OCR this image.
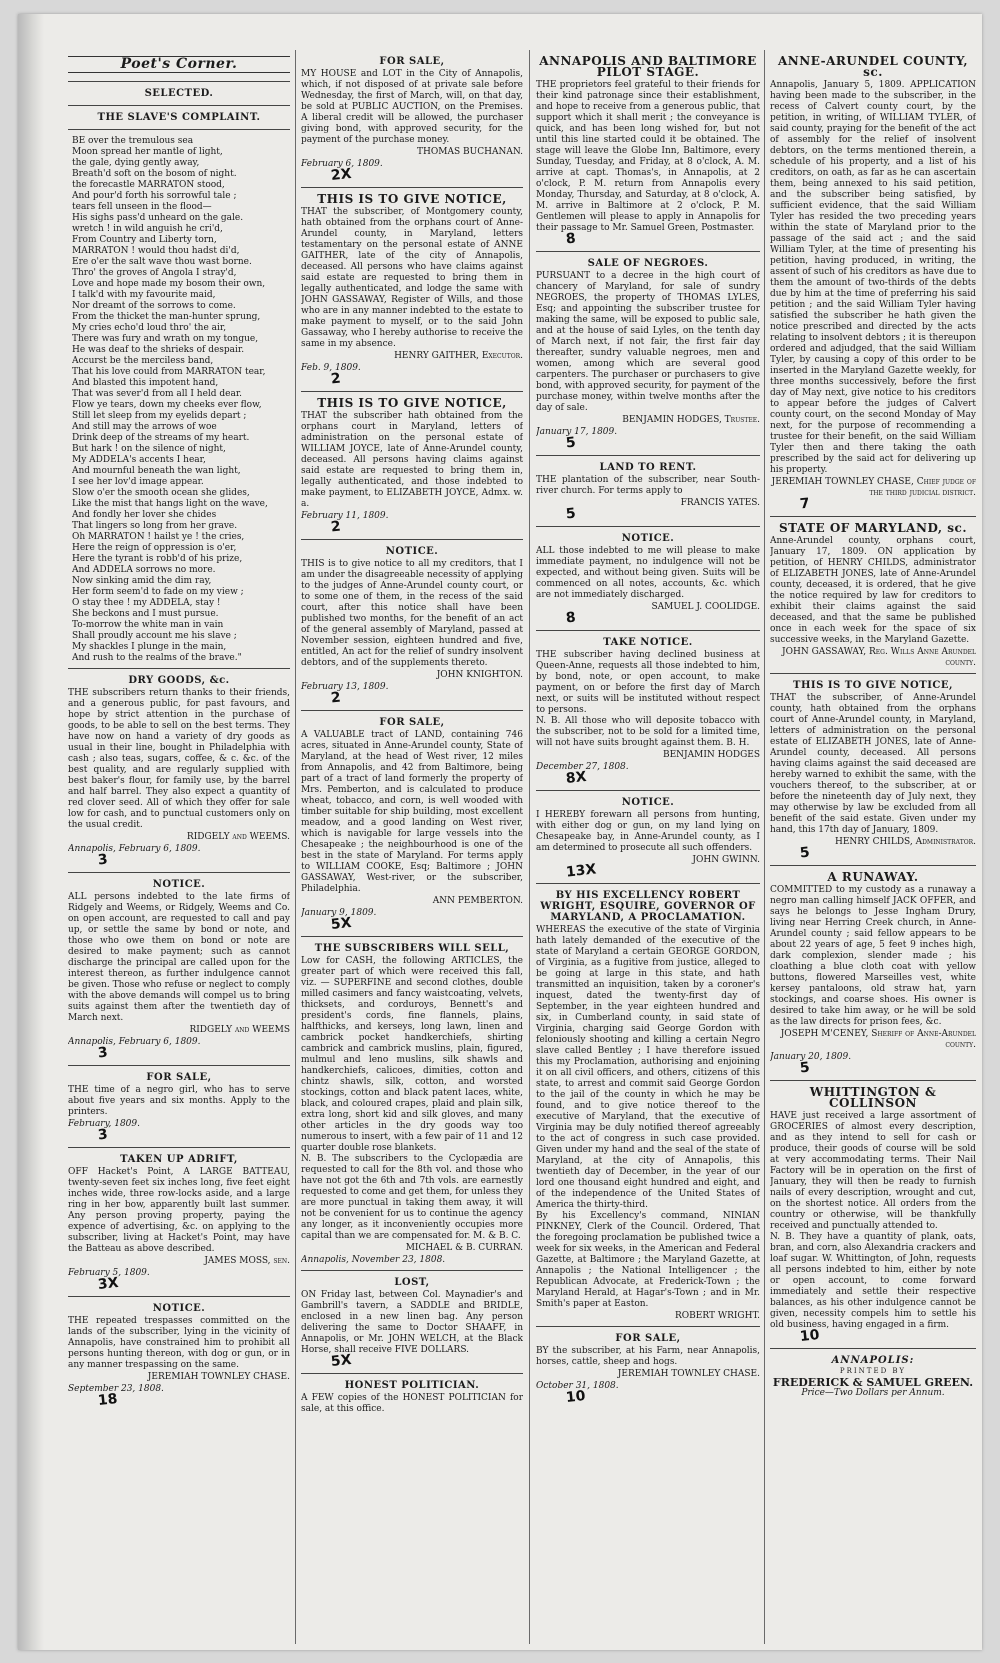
Poet's Corner.
SELECTED.
THE SLAVE'S COMPLAINT.
BE over the tremulous sea
Moon spread her mantle of light,
the gale, dying gently away,
Breath'd soft on the bosom of night.
the forecastle MARRATON stood,
And pour'd forth his sorrowful tale ;
tears fell unseen in the flood—
His sighs pass'd unheard on the gale.
wretch ! in wild anguish he cri'd,
From Country and Liberty torn,
MARRATON ! would thou hadst di'd,
Ere o'er the salt wave thou wast borne.
Thro' the groves of Angola I stray'd,
Love and hope made my bosom their own,
I talk'd with my favourite maid,
Nor dreamt of the sorrows to come.
From the thicket the man-hunter sprung,
My cries echo'd loud thro' the air,
There was fury and wrath on my tongue,
He was deaf to the shrieks of despair.
Accurst be the merciless band,
That his love could from MARRATON tear,
And blasted this impotent hand,
That was sever'd from all I held dear.
Flow ye tears, down my cheeks ever flow,
Still let sleep from my eyelids depart ;
And still may the arrows of woe
Drink deep of the streams of my heart.
But hark ! on the silence of night,
My ADDELA's accents I hear,
And mournful beneath the wan light,
I see her lov'd image appear.
Slow o'er the smooth ocean she glides,
Like the mist that hangs light on the wave,
And fondly her lover she chides
That lingers so long from her grave.
Oh MARRATON ! hailst ye ! the cries,
Here the reign of oppression is o'er,
Here the tyrant is robb'd of his prize,
And ADDELA sorrows no more.
Now sinking amid the dim ray,
Her form seem'd to fade on my view ;
O stay thee ! my ADDELA, stay !
She beckons and I must pursue.
To-morrow the white man in vain
Shall proudly account me his slave ;
My shackles I plunge in the main,
And rush to the realms of the brave."
DRY GOODS, &c.

THE subscribers return thanks to their friends, and a generous public, for past favours, and hope by strict attention in the purchase of goods, to be able to sell on the best terms. They have now on hand a variety of dry goods as usual in their line, bought in Philadelphia with cash ; also teas, sugars, coffee, & c. &c. of the best quality, and are regularly supplied with best baker's flour, for family use, by the barrel and half barrel. They also expect a quantity of red clover seed. All of which they offer for sale low for cash, and to punctual customers only on the usual credit.

RIDGELY and WEEMS.
Annapolis, February 6, 1809.
3
NOTICE.

ALL persons indebted to the late firms of Ridgely and Weems, or Ridgely, Weems and Co. on open account, are requested to call and pay up, or settle the same by bond or note, and those who owe them on bond or note are desired to make payment; such as cannot discharge the principal are called upon for the interest thereon, as further indulgence cannot be given. Those who refuse or neglect to comply with the above demands will compel us to bring suits against them after the twentieth day of March next.

RIDGELY and WEEMS
Annapolis, February 6, 1809.
3
FOR SALE,

THE time of a negro girl, who has to serve about five years and six months. Apply to the printers.

February, 1809.
3
TAKEN UP ADRIFT,

OFF Hacket's Point, A LARGE BATTEAU, twenty-seven feet six inches long, five feet eight inches wide, three row-locks aside, and a large ring in her bow, apparently built last summer. Any person proving property, paying the expence of advertising, &c. on applying to the subscriber, living at Hacket's Point, may have the Batteau as above described.

JAMES MOSS, sen.
February 5, 1809.
3X
NOTICE.

THE repeated trespasses committed on the lands of the subscriber, lying in the vicinity of Annapolis, have constrained him to prohibit all persons hunting thereon, with dog or gun, or in any manner trespassing on the same.

JEREMIAH TOWNLEY CHASE.
September 23, 1808.
18
FOR SALE,

MY HOUSE and LOT in the City of Annapolis, which, if not disposed of at private sale before Wednesday, the first of March, will, on that day, be sold at PUBLIC AUCTION, on the Premises. A liberal credit will be allowed, the purchaser giving bond, with approved security, for the payment of the purchase money.

THOMAS BUCHANAN.
February 6, 1809.
2X
THIS IS TO GIVE NOTICE,

THAT the subscriber, of Montgomery county, hath obtained from the orphans court of Anne-Arundel county, in Maryland, letters testamentary on the personal estate of ANNE GAITHER, late of the city of Annapolis, deceased. All persons who have claims against said estate are requested to bring them in legally authenticated, and lodge the same with JOHN GASSAWAY, Register of Wills, and those who are in any manner indebted to the estate to make payment to myself, or to the said John Gassaway, who I hereby authorise to receive the same in my absence.

HENRY GAITHER, Executor.
Feb. 9, 1809.
2
THIS IS TO GIVE NOTICE,

THAT the subscriber hath obtained from the orphans court in Maryland, letters of administration on the personal estate of WILLIAM JOYCE, late of Anne-Arundel county, deceased. All persons having claims against said estate are requested to bring them in, legally authenticated, and those indebted to make payment, to ELIZABETH JOYCE, Admx. w. a.

February 11, 1809.
2
NOTICE.

THIS is to give notice to all my creditors, that I am under the disagreeable necessity of applying to the judges of Anne-Arundel county court, or to some one of them, in the recess of the said court, after this notice shall have been published two months, for the benefit of an act of the general assembly of Maryland, passed at November session, eighteen hundred and five, entitled, An act for the relief of sundry insolvent debtors, and of the supplements thereto.

JOHN KNIGHTON.
February 13, 1809.
2
FOR SALE,

A VALUABLE tract of LAND, containing 746 acres, situated in Anne-Arundel county, State of Maryland, at the head of West river, 12 miles from Annapolis, and 42 from Baltimore, being part of a tract of land formerly the property of Mrs. Pemberton, and is calculated to produce wheat, tobacco, and corn, is well wooded with timber suitable for ship building, most excellent meadow, and a good landing on West river, which is navigable for large vessels into the Chesapeake ; the neighbourhood is one of the best in the state of Maryland. For terms apply to WILLIAM COOKE, Esq; Baltimore ; JOHN GASSAWAY, West-river, or the subscriber, Philadelphia.

ANN PEMBERTON.
January 9, 1809.
5X
THE SUBSCRIBERS WILL SELL,

Low for CASH, the following ARTICLES, the greater part of which were received this fall, viz. — SUPERFINE and second clothes, double milled casimers and fancy waistcoating, velvets, thicksets, and corduroys, Bennett's and president's cords, fine flannels, plains, halfthicks, and kerseys, long lawn, linen and cambrick pocket handkerchiefs, shirting cambrick and cambrick muslins, plain, figured, mulmul and leno muslins, silk shawls and handkerchiefs, calicoes, dimities, cotton and chintz shawls, silk, cotton, and worsted stockings, cotton and black patent laces, white, black, and coloured crapes, plaid and plain silk, extra long, short kid and silk gloves, and many other articles in the dry goods way too numerous to insert, with a few pair of 11 and 12 quarter double rose blankets.

N. B. The subscribers to the Cyclopædia are requested to call for the 8th vol. and those who have not got the 6th and 7th vols. are earnestly requested to come and get them, for unless they are more punctual in taking them away, it will not be convenient for us to continue the agency any longer, as it inconveniently occupies more capital than we are compensated for. M. & B. C.

MICHAEL & B. CURRAN.
Annapolis, November 23, 1808.
LOST,

ON Friday last, between Col. Maynadier's and Gambrill's tavern, a SADDLE and BRIDLE, enclosed in a new linen bag. Any person delivering the same to Doctor SHAAFF, in Annapolis, or Mr. JOHN WELCH, at the Black Horse, shall receive FIVE DOLLARS.

5X
HONEST POLITICIAN.

A FEW copies of the HONEST POLITICIAN for sale, at this office.

ANNAPOLIS AND BALTIMORE PILOT STAGE.

THE proprietors feel grateful to their friends for their kind patronage since their establishment, and hope to receive from a generous public, that support which it shall merit ; the conveyance is quick, and has been long wished for, but not until this line started could it be obtained. The stage will leave the Globe Inn, Baltimore, every Sunday, Tuesday, and Friday, at 8 o'clock, A. M. arrive at capt. Thomas's, in Annapolis, at 2 o'clock, P. M. return from Annapolis every Monday, Thursday, and Saturday, at 8 o'clock, A. M. arrive in Baltimore at 2 o'clock, P. M. Gentlemen will please to apply in Annapolis for their passage to Mr. Samuel Green, Postmaster.

8
SALE OF NEGROES.

PURSUANT to a decree in the high court of chancery of Maryland, for sale of sundry NEGROES, the property of THOMAS LYLES, Esq; and appointing the subscriber trustee for making the same, will be exposed to public sale, and at the house of said Lyles, on the tenth day of March next, if not fair, the first fair day thereafter, sundry valuable negroes, men and women, among which are several good carpenters. The purchaser or purchasers to give bond, with approved security, for payment of the purchase money, within twelve months after the day of sale.

BENJAMIN HODGES, Trustee.
January 17, 1809.
5
LAND TO RENT.

THE plantation of the subscriber, near South-river church. For terms apply to

FRANCIS YATES.
5
NOTICE.

ALL those indebted to me will please to make immediate payment, no indulgence will not be expected, and without being given. Suits will be commenced on all notes, accounts, &c. which are not immediately discharged.

SAMUEL J. COOLIDGE.
8
TAKE NOTICE.

THE subscriber having declined business at Queen-Anne, requests all those indebted to him, by bond, note, or open account, to make payment, on or before the first day of March next, or suits will be instituted without respect to persons.

N. B. All those who will deposite tobacco with the subscriber, not to be sold for a limited time, will not have suits brought against them. B. H.

BENJAMIN HODGES
December 27, 1808.
8X
NOTICE.

I HEREBY forewarn all persons from hunting, with either dog or gun, on my land lying on Chesapeake bay, in Anne-Arundel county, as I am determined to prosecute all such offenders.

JOHN GWINN.
13X
BY HIS EXCELLENCY ROBERT WRIGHT, ESQUIRE, GOVERNOR OF MARYLAND, A PROCLAMATION.

WHEREAS the executive of the state of Virginia hath lately demanded of the executive of the state of Maryland a certain GEORGE GORDON, of Virginia, as a fugitive from justice, alleged to be going at large in this state, and hath transmitted an inquisition, taken by a coroner's inquest, dated the twenty-first day of September, in the year eighteen hundred and six, in Cumberland county, in said state of Virginia, charging said George Gordon with feloniously shooting and killing a certain Negro slave called Bentley ; I have therefore issued this my Proclamation, authorising and enjoining it on all civil officers, and others, citizens of this state, to arrest and commit said George Gordon to the jail of the county in which he may be found, and to give notice thereof to the executive of Maryland, that the executive of Virginia may be duly notified thereof agreeably to the act of congress in such case provided. Given under my hand and the seal of the state of Maryland, at the city of Annapolis, this twentieth day of December, in the year of our lord one thousand eight hundred and eight, and of the independence of the United States of America the thirty-third.

By his Excellency's command, NINIAN PINKNEY, Clerk of the Council. Ordered, That the foregoing proclamation be published twice a week for six weeks, in the American and Federal Gazette, at Baltimore ; the Maryland Gazette, at Annapolis ; the National Intelligencer ; the Republican Advocate, at Frederick-Town ; the Maryland Herald, at Hagar's-Town ; and in Mr. Smith's paper at Easton.

ROBERT WRIGHT.
FOR SALE,

BY the subscriber, at his Farm, near Annapolis, horses, cattle, sheep and hogs.

JEREMIAH TOWNLEY CHASE.
October 31, 1808.
10
ANNE-ARUNDEL COUNTY, sc.

Annapolis, January 5, 1809. APPLICATION having been made to the subscriber, in the recess of Calvert county court, by the petition, in writing, of WILLIAM TYLER, of said county, praying for the benefit of the act of assembly for the relief of insolvent debtors, on the terms mentioned therein, a schedule of his property, and a list of his creditors, on oath, as far as he can ascertain them, being annexed to his said petition, and the subscriber being satisfied, by sufficient evidence, that the said William Tyler has resided the two preceding years within the state of Maryland prior to the passage of the said act ; and the said William Tyler, at the time of presenting his petition, having produced, in writing, the assent of such of his creditors as have due to them the amount of two-thirds of the debts due by him at the time of preferring his said petition ; and the said William Tyler having satisfied the subscriber he hath given the notice prescribed and directed by the acts relating to insolvent debtors ; it is thereupon ordered and adjudged, that the said William Tyler, by causing a copy of this order to be inserted in the Maryland Gazette weekly, for three months successively, before the first day of May next, give notice to his creditors to appear before the judges of Calvert county court, on the second Monday of May next, for the purpose of recommending a trustee for their benefit, on the said William Tyler then and there taking the oath prescribed by the said act for delivering up his property.

JEREMIAH TOWNLEY CHASE, Chief judge of the third judicial district.
7
STATE OF MARYLAND, sc.

Anne-Arundel county, orphans court, January 17, 1809. ON application by petition, of HENRY CHILDS, administrator of ELIZABETH JONES, late of Anne-Arundel county, deceased, it is ordered, that he give the notice required by law for creditors to exhibit their claims against the said deceased, and that the same be published once in each week for the space of six successive weeks, in the Maryland Gazette.

JOHN GASSAWAY, Reg. Wills Anne Arundel county.
THIS IS TO GIVE NOTICE,

THAT the subscriber, of Anne-Arundel county, hath obtained from the orphans court of Anne-Arundel county, in Maryland, letters of administration on the personal estate of ELIZABETH JONES, late of Anne-Arundel county, deceased. All persons having claims against the said deceased are hereby warned to exhibit the same, with the vouchers thereof, to the subscriber, at or before the nineteenth day of July next, they may otherwise by law be excluded from all benefit of the said estate. Given under my hand, this 17th day of January, 1809.

HENRY CHILDS, Administrator.
5
A RUNAWAY.

COMMITTED to my custody as a runaway a negro man calling himself JACK OFFER, and says he belongs to Jesse Ingham Drury, living near Herring Creek church, in Anne-Arundel county ; said fellow appears to be about 22 years of age, 5 feet 9 inches high, dark complexion, slender made ; his cloathing a blue cloth coat with yellow buttons, flowered Marseilles vest, white kersey pantaloons, old straw hat, yarn stockings, and coarse shoes. His owner is desired to take him away, or he will be sold as the law directs for prison fees, &c.

JOSEPH M'CENEY, Sheriff of Anne-Arundel county.
January 20, 1809.
5
WHITTINGTON & COLLINSON

HAVE just received a large assortment of GROCERIES of almost every description, and as they intend to sell for cash or produce, their goods of course will be sold at very accommodating terms. Their Nail Factory will be in operation on the first of January, they will then be ready to furnish nails of every description, wrought and cut, on the shortest notice. All orders from the country or otherwise, will be thankfully received and punctually attended to.

N. B. They have a quantity of plank, oats, bran, and corn, also Alexandria crackers and loaf sugar. W. Whittington, of John, requests all persons indebted to him, either by note or open account, to come forward immediately and settle their respective balances, as his other indulgence cannot be given, necessity compels him to settle his old business, having engaged in a firm.

10
ANNAPOLIS:
PRINTED BY
FREDERICK & SAMUEL GREEN.
Price—Two Dollars per Annum.
